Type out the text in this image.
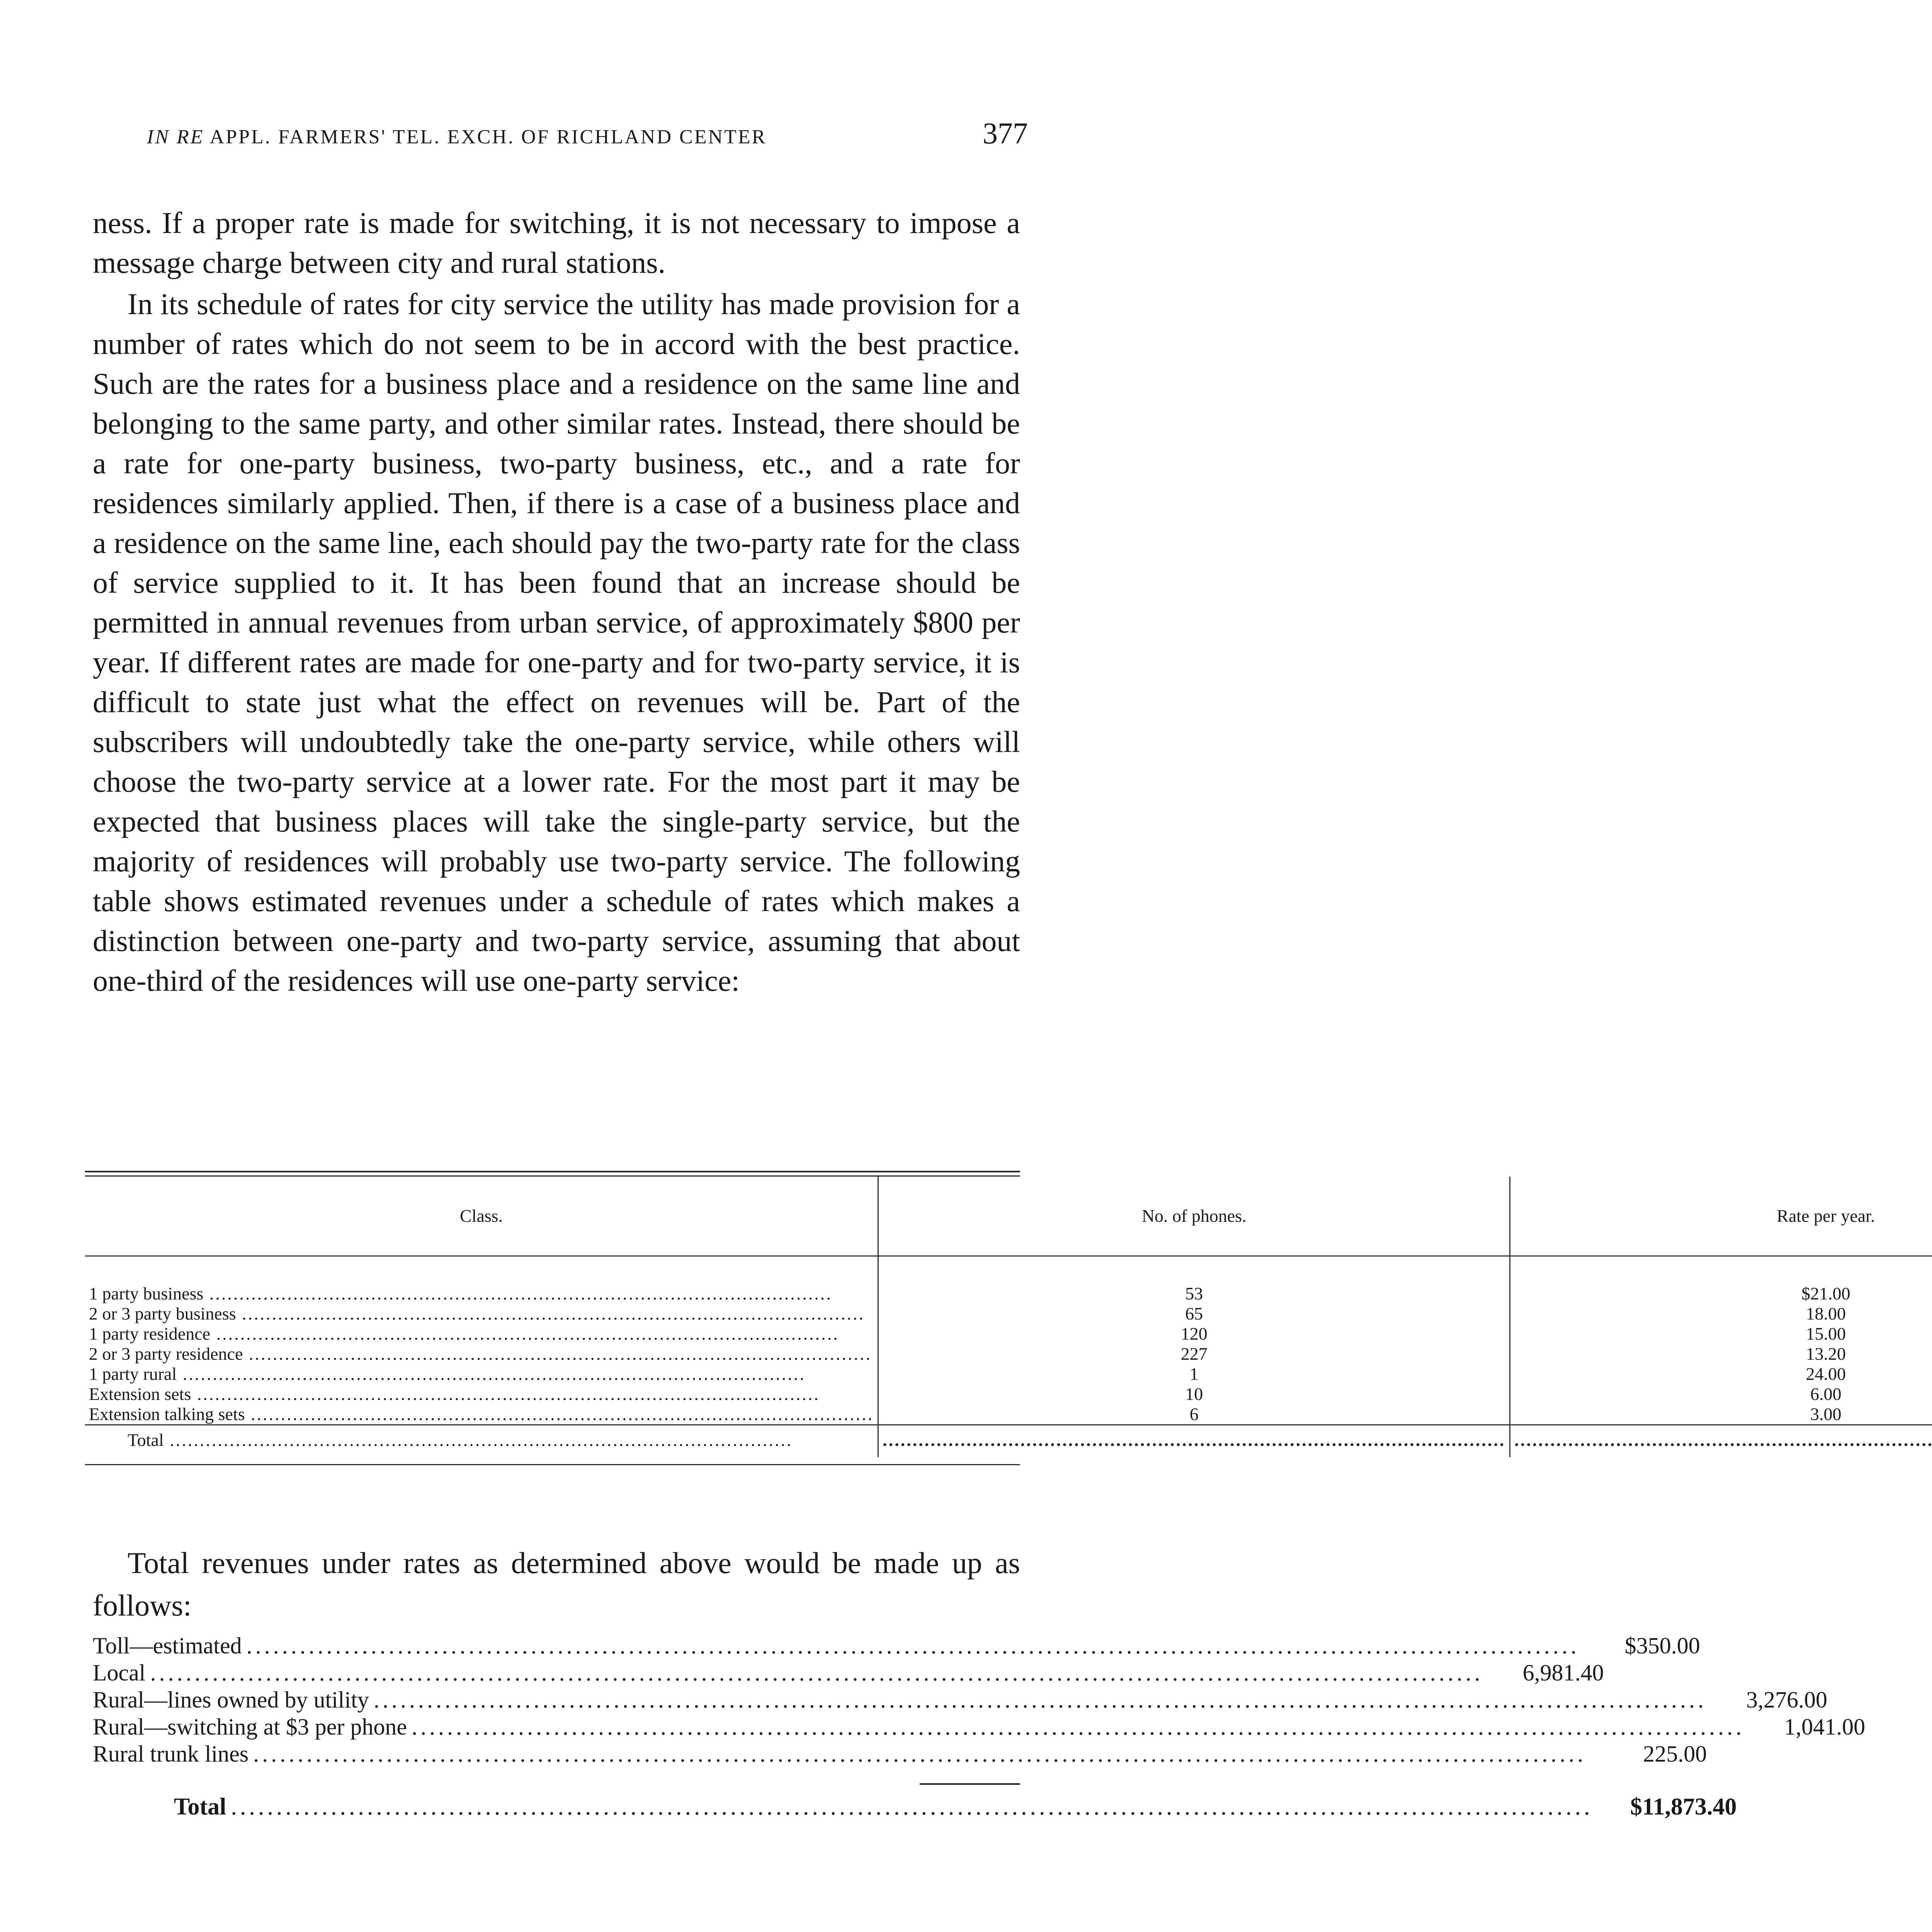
IN RE APPL. FARMERS' TEL. EXCH. OF RICHLAND CENTER	377

ness. If a proper rate is made for switching, it is not necessary to impose a message charge between city and rural stations.

In its schedule of rates for city service the utility has made provision for a number of rates which do not seem to be in accord with the best practice. Such are the rates for a business place and a residence on the same line and belonging to the same party, and other similar rates. Instead, there should be a rate for one-party business, two-party business, etc., and a rate for residences similarly applied. Then, if there is a case of a business place and a residence on the same line, each should pay the two-party rate for the class of service supplied to it. It has been found that an increase should be permitted in annual revenues from urban service, of approximately $800 per year. If different rates are made for one-party and for two-party service, it is difficult to state just what the effect on revenues will be. Part of the subscribers will undoubtedly take the one-party service, while others will choose the two-party service at a lower rate. For the most part it may be expected that business places will take the single-party service, but the majority of residences will probably use two-party service. The following table shows estimated revenues under a schedule of rates which makes a distinction between one-party and two-party service, assuming that about one-third of the residences will use one-party service:

Class.	No. of phones.	Rate per year.	
1 party business .....	53	$21.00	
2 or 3 party business .....	65	18.00	
1 party residence .....	120	15.00	
2 or 3 party residence .....	227	13.20	
1 party rural .....	1	24.00	
Extension sets .....	10	6.00	
Extension talking sets .....	6	3.00	
Total .....	.....	.....	
Total revenues under rates as determined above would be made up as follows:
Toll—estimated .....	$350.00
Local .....	6,981.40
Rural—lines owned by utility .....	3,276.00
Rural—switching at $3 per phone .....	1,041.00
Rural trunk lines .....	225.00
Total .....	$11,873.40
